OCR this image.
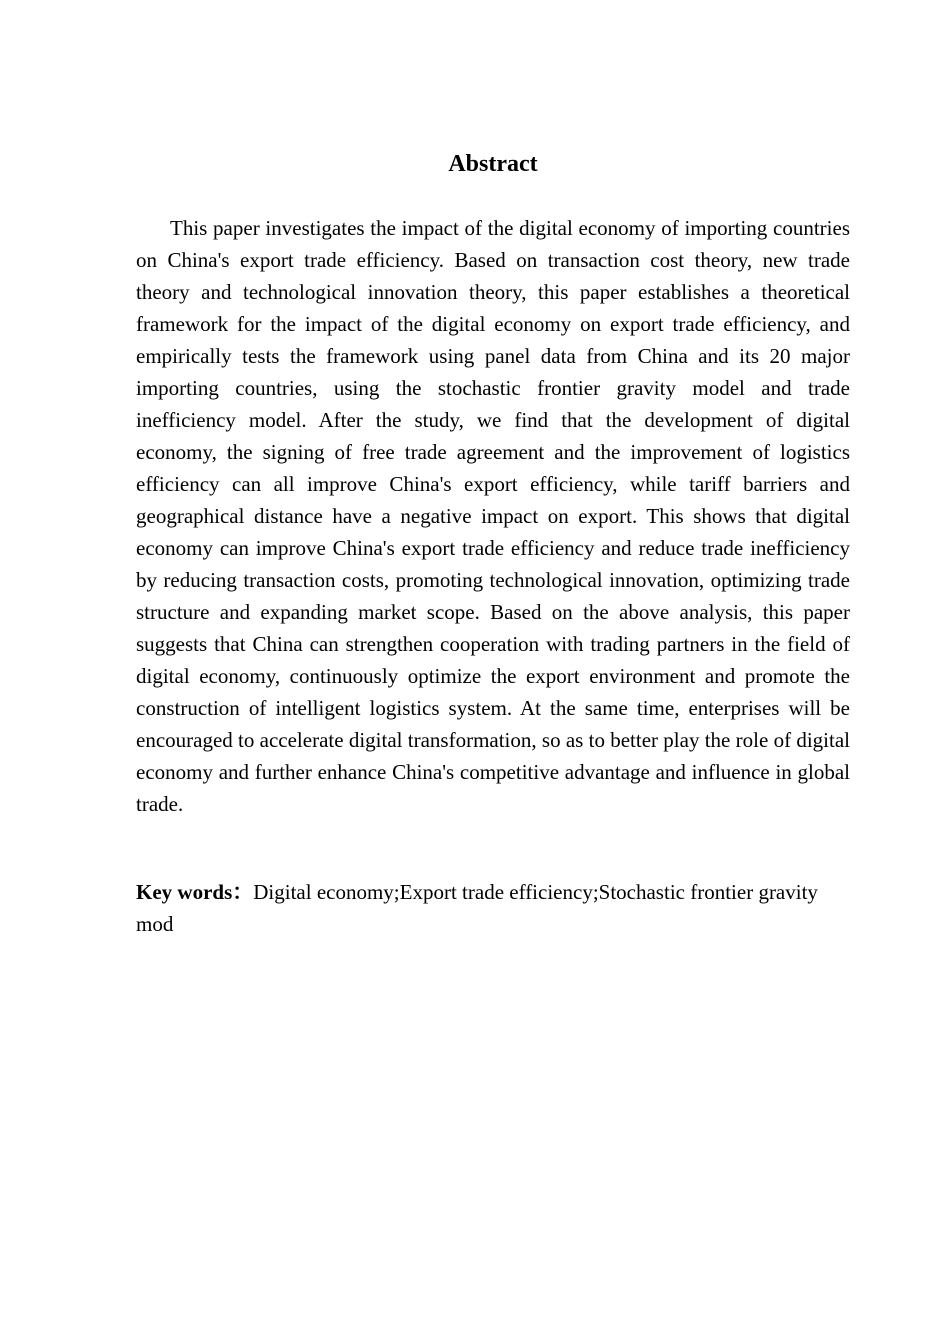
Abstract

This paper investigates the impact of the digital economy of importing countries on China's export trade efficiency. Based on transaction cost theory, new trade theory and technological innovation theory, this paper establishes a theoretical framework for the impact of the digital economy on export trade efficiency, and empirically tests the framework using panel data from China and its 20 major importing countries, using the stochastic frontier gravity model and trade inefficiency model. After the study, we find that the development of digital economy, the signing of free trade agreement and the improvement of logistics efficiency can all improve China's export efficiency, while tariff barriers and geographical distance have a negative impact on export. This shows that digital economy can improve China's export trade efficiency and reduce trade inefficiency by reducing transaction costs, promoting technological innovation, optimizing trade structure and expanding market scope. Based on the above analysis, this paper suggests that China can strengthen cooperation with trading partners in the field of digital economy, continuously optimize the export environment and promote the construction of intelligent logistics system. At the same time, enterprises will be encouraged to accelerate digital transformation, so as to better play the role of digital economy and further enhance China's competitive advantage and influence in global trade.

Key words：Digital economy;Export trade efficiency;Stochastic frontier gravity mod
